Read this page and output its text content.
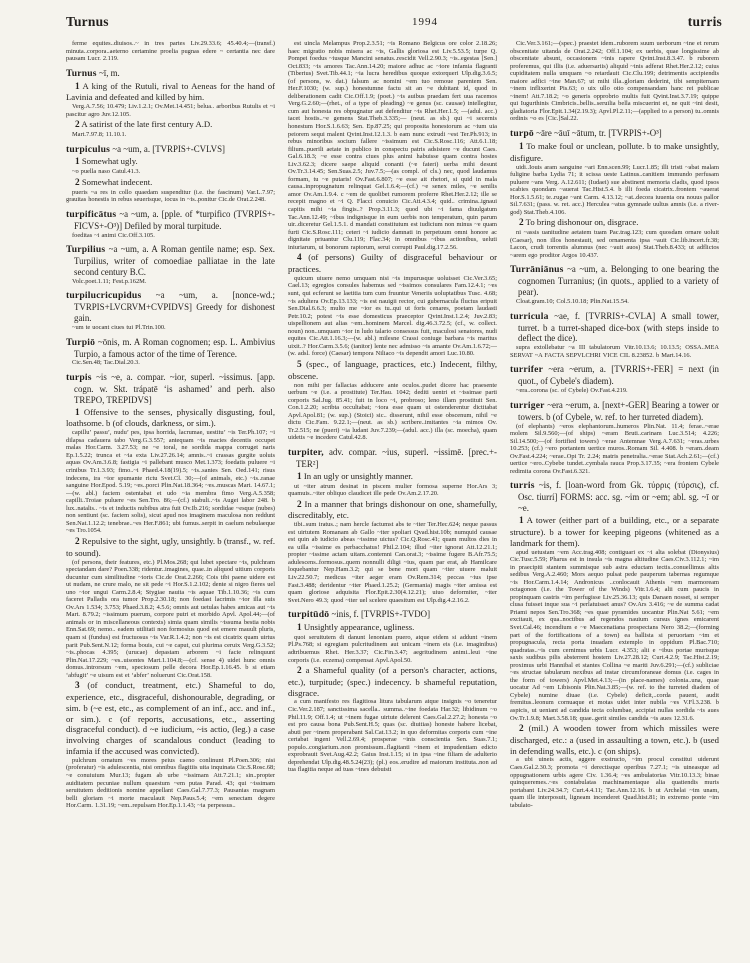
Turnus	1994	turris

ferme equites..diuisos..~ in tres partes Liv.29.33.6; 45.40.4;—(transf.) minuta..corpora..aeterno certamine proelia pugnas edere ~ certantia nec dare pausam Lucr. 2.119.

Turnus ~ī, m.

1 A king of the Rutuli, rival to Aeneas for the hand of Lavinia and defeated and killed by him.

Verg.A.7.56; 10.479; Liv.1.2.1; Ov.Met.14.451; belua.. arboribus Rutulis et ~i pascitur agro Juv.12.105.

2 A satirist of the late first century A.D.

Mart.7.97.8; 11.10.1.

turpiculus ~a ~um, a. [TVRPIS+-CVLVS]

1 Somewhat ugly.

~o puella naso Catul.41.3.

2 Somewhat indecent.

pueris ~a res in collo quaedam suspenditur (i.e. the fascinum) Var.L.7.97; grauitas honestis in rebus seuerisque, iocus in ~is..ponitur Cic.de Orat.2.248.

turpificātus ~a ~um, a. [pple. of *turpifico (TVRPIS+-FICVS+-O³)] Defiled by moral turpitude.

foeditas ~i animi Cic.Off.3.105.

Turpilius ~a ~um, a. A Roman gentile name; esp. Sex. Turpilius, writer of comoediae palliatae in the late second century B.C.

Volc.poet.1.11; Fest.p.162M.

turpilucricupidus ~a ~um, a. [nonce-wd.; TVRPIS+LVCRVM+CVPIDVS] Greedy for dishonest gain.

~um te uocant ciues tui Pl.Trin.100.

Turpiō ~ōnis, m. A Roman cognomen; esp. L. Ambivius Turpio, a famous actor of the time of Terence.

Cic.Sen.48; Tac.Dial.20.3.

turpis ~is ~e, a. compar. ~ior, superl. ~issimus. [app. cogn. w. Skt. trápatē ‘is ashamed’ and perh. also TREPO, TREPIDVS]

1 Offensive to the senses, physically disgusting, foul, loathsome. b (of clouds, darkness, or sim.).

capillu’ passu’, nudu’ pes, ipsa horrida, lacrumae, uestitu’ ~is Ter.Ph.107; ~i dilapsa cadauera tabo Verg.G.3.557; antequam ~is macies decentis occupet malas Hor.Carm. 3.27.53; ne ~e toral, ne sordida mappa corruget naris Ep.1.5.22; trunca et ~ia exta Liv.27.26.14; amnis..~i crassas gurgite uoluis aquas Ov.Am.3.6.8; fastigia ~i pallebant musco Met.1.373; foedatis puluere ~i crinibus Tr.1.3.93; fimo..~i Phaed.4.18(19).5; ~is..sanies Sen. Oed.141; risus indecens, ira ~ior spumante rictu Svet.Cl. 30;—(of animals, etc.) ~is..ranae sanguine Hor.Epod. 5.19; ~es..porci Plin.Nat.18.364; ~es..muscas Mart. 14.67.1;—(w. abl.) faciem ostentabat et udo ~ia membra fimo Verg.A.5.358; capilli..Troiae puluere ~es Sen.Tro. 86;—(cf.) stabuli..~is Augei labor 248. b lux..natalis.. ~is et inductis nubibus atra fuit Ov.Ib.216; sordidae ~esque (nubes) non sentiunt (sc. faciem solis), sicut apud nos imaginem maculosa non reddunt Sen.Nat.1.12.2; tenebrae..~es Her.F.861; ubi fumus..serpit in caelum nebulaeque ~es Tro.1054.

2 Repulsive to the sight, ugly, unsightly. b (transf., w. ref. to sound).

(of persons, their features, etc.) Pl.Mos.268; qui lubet spectare ~is, pulchram spectandam dare? Poen.338; ridentur..imagines, quae..in aliquod uitium corporis ducuntur cum similitudine ~ioris Cic.de Orat.2.266; Cois tibi paene uidere est ut nudam, ne crure malo, ne sit pede ~i Hor.S.1.2.102; dente si nigro fieres uel uno ~ior ungui Carm.2.8.4; Stygiae nauita ~is aquae Tib.1.10.36; ~is cum faceret Palladis ora tumor Prop.2.30.18; non foedast lacrimis ~ior illa suis Ov.Ars 1.534; 3.753; Phaed.3.8.2; 4.5.6; omnis aut uetulas habes amicas aut ~is Mart. 8.79.2; ~issimum puerum, corpore putri et morbido Apvl. Apol.44;—(of animals or in miscellaneous contexts) simia quam similis ~issuma bestia nobis Enn.Sat.69; nemo.. eadem utilitati non formosius quod est emere mauult pluris, quam si (fundus) est fructuosus ~is Var.R.1.4.2; non ~is est cicatrix quam uirtus parit Pub.Sent.N.12; forma bouis, cui ~e caput, cui plurima ceruix Verg.G.3.52; ~is..phocas 4.395; (urucae) depastam arborem ~i facie relinquunt Plin.Nat.17.229; ~es..uisontes Mart.1.104.8;—(cf. sense 4) uidet hunc omnis domus..introrsum ~em, speciosum pelle decora Hor.Ep.1.16.45. b si etiam ‘abfugit’ ~e uisum est et ‘abfer’ noluerunt Cic.Orat.158.

3 (of conduct, treatment, etc.) Shameful to do, experience, etc., disgraceful, dishonourable, degrading, or sim. b (~e est, etc., as complement of an inf., acc. and inf., or sim.). c (of reports, accusations, etc., asserting disgraceful conduct). d ~e iudicium, ~is actio, (leg.) a case involving charges of scandalous conduct (leading to infamia if the accused was convicted).

pulchrum ornatum ~es mores peius caeno conlinunt Pl.Poen.306; nisi (proferatur) ~is adulescentia, nisi omnibus flagitiis uita inquinata Cic.S.Rosc.68; ~e conuiuium Mur.13; fugam ab urbe ~issimam Att.7.21.1; sin..propter auiditatem pecuniae nullum quaestum ~em putas Parad. 43; qui ~issimam seruitutem deditionis nomine appellant Caes.Gal.7.77.3; Pausanias magnam belli gloriam ~i morte maculauit Nep.Paus.5.4; ~em senectam degere Hor.Carm. 1.31.19; ~em..repulsam Hor.Ep.1.1.43; ~ia perpessus..

est uincla Melampus Prop.2.3.51; ~is Romano Belgicus ore color 2.18.26; haec migratio nobis misera ac ~is, Gallis gloriosa est Liv.5.53.5; turpe Q. Pompei foedus ~iusque Mancini senatus..rescidit Vell.2.90.3; ~is..egestas [Sen.] Oct.833; ~is amores Tac.Ann.14.20; maiore adhuc ac ~iore infamia flagranti (Tiberius) Svet.Tib.44.1; ~ia lucra heredibus quoque extorqueri Ulp.dig.3.6.5; (of persons, w. dat.) falsum ac nomini ~em tuo remoue parentem Sen. Her.F.1030; (w. sup.) honestumne factu sit an ~e dubitant id, quod in deliberationem cadit Cic.Off.1.9; (poet.) ~is auibus praedam fert uua racemos Verg.G.2.60;—(rhet., of a type of pleading) ~e genus (sc. causae) intellegitur, cum aut honesta res obpugnatur aut defenditur ~is Rhet.Her.1.5; —(adul. acc.) iacet hostis..~e gemens Stat.Theb.3.335;— (neut. as sb.) qui ~i secernis honestum Hor.S.1.6.63; Sen. Ep.87.25; qui proposita honestorum ac ~ium uia peiorem sequi malent Qvint.Inst.12.1.3. b eam nunc extrudi ~est Ter.Ph.913; in rebus minoribus socium fallere ~issimum est Cic.S.Rosc.116; Att.6.1.18; filium..puerili aetate in publico in conspectu patris adsistere ~e ducunt Caes. Gal.6.18.3; ~e esse contra ciues plus animi habuisse quam contra hostes Liv.3.62.3; dicere saepe aliquid conanti (~e fateri) uerba mihi desunt Ov.Tr.3.14.45; Sen.Suas.2.5; Juv.7.5;—(as compl. of cls.) nec, quod laudamus formam, tu ~e putaris! Ov.Fast.6.807; ~e esse ait rhetori, si quid in mala causa..inpropugnatum relinquat Gel.1.6.4;—(cf.) ~e senex miles, ~e senilis amor Ov.Am.1.9.4. c ~em de quolibet rumorem proferre Rhet.Her.2.12; ille se recepit magno et ~i Q. Flacci conuicio Cic.Att.4.3.4; quid.. crimina..ignaui capitis mihi ~ia fingis..? Prop.3.11.3; quod ubi ~i fama diuulgatum Tac.Ann.12.49; ~ibus indignisque in eum uerbis non temperatum, quin parum uir..diceretur Gel.1.5.1. d mandati constitutum est iudicium non minus ~e quam furti Cic.S.Rosc.111; ceteri ~i iudicio damnati in perpetuum omni honore ac dignitate priuantur Clu.119; Flac.34; in omnibus ~ibus actionibus, ueluti iniuriarum, ui bonorum raptorum, serui corrupti Paul.dig.17.2.56.

4 (of persons) Guilty of disgraceful behaviour or practices.

quicum uiuere nemo umquam nisi ~is impurusque uoluisset Cic.Ver.3.65; Cael.13; egregios consules habemus sed ~issimos consulares Fam.12.4.1; ~es sunt, qui ecferunt se laetitia tum cum fruuntur Veneriis uoluptatibus Tusc. 4.68; ~is adultera Ov.Ep.13.133; ~is est nauigii rector, cui gubernacula fluctus eripuit Sen.Dial.6.6.3; multo me ~ior es tu..qui ut foris cenares, poetam laudasti Petr.10.2; potest ~is esse domesticus praeceptor Qvint.Inst.1.2.4; Juv.2.83; uispellionem aut alias ~em..hominem Marcel. dig.46.3.72.5; (cf., w. collect. noun) non..umquam ~ior in ludo talario consessus fuit, maculosi senatores, nudi equites Cic.Att.1.16.3;—(w. abl.) milesne Crassi coniuge barbara ~is maritus uixit..? Hor.Carm.3.5.6; (ianitor) lente nec admisso ~is amante Ov.Am.1.6.72;—(w. adsl. force) (Caesar) tempora Niliaco ~is dependit amori Luc.10.80.

5 (spec., of language, practices, etc.) Indecent, filthy, obscene.

non mihi per fallacias adducere ante oculos..pudet dicere hac praesente uerbum ~e (i.e. a prostitute) Ter.Hau. 1042; dediti uentri et ~issimae parti corporis Sal.Jug. 85.41; fuit in loco ~i, probroso; leno illam prostituit Sen. Con.1.2.20; scribta occultabat; ~iora esse quam ut ostenderentur dictitabat Apvl.Apol.81; (w. sup.) (Stoici) sic.. disserunt, nihil esse obscenum, nihil ~e dictu Cic.Fam. 9.22.1;—(neut. as sb.) scribere..imitantes ~ia mimos Ov. Tr.2.515; ne (pueri) ~ia ludant Juv.7.239;—(adul. acc.) illa (sc. moecha), quam uidetis ~e incedere Catul.42.8.

turpiter, adv. compar. ~ius, superl. ~issimē. [prec.+-TER²]

1 In an ugly or unsightly manner.

ut ~iter atrum desinat in piscem mulier formosa superne Hor.Ars 3; quamuis..~iter obliquo claudicet ille pede Ov.Am.2.17.20.

2 In a manner that brings dishonour on one, shamefully, discreditably, etc.

tibi..sum iratus..; nam hercle factumst abs te ~iter Ter.Hec.624; neque passus est uirtutem Romanam ab Gallo ~iter spoliari Qvad.hist.10b; numquid causae est quin ab iudicio abeas ~issime uictus? Cic.Q.Rosc.41; quam multos dies in ea uilla ~issime es perbacchatus! Phil.2.104; illud ~iter ignorat Att.12.21.1; propter ~issime actam uitam..contemni Can.orat.3; ~issime fugere B.Afr.75.5; adulescens..formosus..quem nonnulli diligi ~ius, quam par erat, ab Hamilcare loquebantur Nep.Ham.3.2; qui se bene mori quam ~iter uiuere maluit Liv.22.50.7; medicus ~iter aeger eram Ov.Rem.314; peccas ~ius ipse Fast.3.488; deridentur ~iter Phaed.1.25.2; (Germania) magis ~iter amissa est quam gloriose adquisita Flor.Epit.2.30(4.12.21); uiuo deformiter, ~iter Svet.Nero 49.3; quod ~iter uel scelere quaesitum est Ulp.dig.4.2.16.2.

turpitūdō ~inis, f. [TVRPIS+-TVDO]

1 Unsightly appearance, ugliness.

quoi seruitutem di danunt lenoniam puero, atque eidem si addunt ~inem Pl.Ps.768; si egregiam pulcritudinem aut unicam ~inem eis (i.e. imaginibus) adtribuemus Rhet. Her.3.37; Cic.Fin.3.47; aegritudinem animi..leui ~ine corporis (i.e. eczema) compensat Apvl.Apol.50.

2 a Shameful quality (of a person's character, actions, etc.), turpitude; (spec.) indecency. b shameful reputation, disgrace.

a cum manifesto res flagitiosa litura tabularum atque insignis ~o teneretur Cic.Ver.2.187; sanctissima sacella.. summa..~ine foedata Har.32; libidinum ~o Phil.11.9; Off.1.4; ut ~inem fugae uirtute delerent Caes.Gal.2.27.2; honesta ~o est pro causa bona Pub.Sent.H.5; quas (sc. diuitias) honeste habere licebat, abuti per ~inem properabant Sal.Cat.13.2; in quo deformitas corporis cum ~ine certabat ingeni Vell.2.69.4; prosperae ~inis conscientia Sen. Suas.7.1; populo..congiarium..non promissum..flagitanti ~inem et impudentiam edicto exprobrauit Svet.Aug.42.2; Gaius Inst.1.15; si in ipsa ~ine filiam de adulterio deprehendat Ulp.dig.48.5.24(23); (pl.) eos..erudire ad maiorum instituta..non ad tua flagitia neque ad tuas ~ines debuisti

Cic.Ver.3.161;—(spec.) praestet idem..ruborem suum uerborum ~ine et rerum obscenitate uitanda de Orat.2.242; Off.1.104; ex uerbis, quae longissime ab obscenitate absunt, occasionem ~inis rapere Qvint.Inst.8.3.47. b ruborem proferemus, qui illis (i.e. aduersariis) aliquid ~inis adferat Rhet.Her.2.12; cuius cupiditatem nulla umquam ~o retardauit Cic.Clu.199; detrimentis accipiendis maiore adfici ~ine Man.67; ut mihi illa..gloriam dederint, tibi sempiternam ~inem inflixerint Pis.63; o uix ullo otio compensandam hanc rei publicae ~inem! Att.7.18.2; ~o generis opprobrio multis fuit Qvint.Inst.3.7.19; quippe qui Iugurthinis Cimbricis..bellis..seruilia bella miscuerint et, ne quit ~ini desit, gladiatoria Flor.Epit.1.34(2.19.3); Apvl.Pl.2.11;—(applied to a person) tu..omnis ordinis ~o es [Cic.]Sal.22.

turpō ~āre ~āuī ~ātum, tr. [TVRPIS+-O³]

1 To make foul or unclean, pollute. b to make unsightly, disfigure.

uidi..Iouis aram sanguine ~ari Enn.scen.99; Lucr.1.85; illi tristi ~abat malam fuligine barba Lydia 71; it scissa ueste Latinus..canitiem immundo perfusam puluere ~ans Verg. A.12.611; (Iudaei) sue abstinent memoria cladis, quod ipsos scabies quondam ~auerat Tac.Hist.5.4. b illi foeda cicatrix..frontem ~auerat Hor.S.1.5.61; te..rugae ~ant Carm. 4.13.12; ~at..decora iuuenta ora nouus pallor Sil.7.631; (pass. w. ret. acc.) Herculea ~atus gymnade uultus amnis (i.e. a river-god) Stat.Theb.4.106.

2 To bring dishonour on, disgrace.

ni ~assis uanitudine aetatem tuam Pac.trag.123; cum quosdam ornare uoluit (Caesar), non illos honestauit, sed ornamenta ipsa ~auit Cic.lib.incert.fr.38; Lacon, crudi torrentis alumnus (nec ~auit auos) Stat.Theb.8.433; ut adflictos ~arem ego proditor Argos 10.437.

Turrāniānus ~a ~um, a. Belonging to one bearing the cognomen Turranius; (in quots., applied to a variety of pear).

Cloat.gram.10; Col.5.10.18; Plin.Nat.15.54.

turricula ~ae, f. [TVRRIS+-CVLA] A small tower, turret. b a turret-shaped dice-box (with steps inside to deflect the dice).

supra extollebatur ~a III tabulatorum Vitr.10.13.6; 10.13.5; OSSA..MEA SERVAT ~A FACTA SEPVLCHRI VICE CIL 8.23852. b Mart.14.16.

turrifer ~era ~erum, a. [TVRRIS+-FER] = next (in quot., of Cybele's diadem).

~era..corona (sc. of Cybele) Ov.Fast.4.219.

turriger ~era ~erum, a. [next+-GER] Bearing a tower or towers. b (of Cybele, w. ref. to her turreted diadem).

(of elephants) ~eros elephantorum..humeros Plin.Nat. 11.4; ferae..~erae molem Sil.9.560;—(of ships) ~eram Bruti..carinam Luc.3.514; 4.226; Sil.14.500;—(of fortified towers) ~erae Antemnae Verg.A.7.631; ~eras..urbes 10.253; (cf.) ~ero portantem uertice muros..Romam Sil. 4.408. b ~eram..deam Ov.Fast.4.224; ~erae..Opi Tr. 2.24; matris penetralia..~erae Stat.Ach.2.61;—(cf.) uertice ~ero..Cybebe tundet..cymbala rauca Prop.3.17.35; ~era frontem Cybele redimita corona Ov.Fast.6.321.

turris ~is, f. [loan-word from Gk. τύρρις (τύρσις), cf. Osc. tiurrí] FORMS: acc. sg. ~im or ~em; abl. sg. ~ī or ~e.

1 A tower (either part of a building, etc., or a separate structure). b a tower for keeping pigeons (whitened as a landmark for them).

apud uetustam ~em Acc.trag.408; contiguari ex ~i alta solebat (Dionysius) Cic.Tusc.5.59; Pharus est in insula ~is magna altitudine Caes.Civ.3.112.1; ~im in praecipiti stantem summisque sub astra eductam tectis..conuellimus altis sedibus Verg.A.2.460; Mors aequo pulsat pede pauperum tabernas regumque ~is Hor.Carm.1.4.14; Andronicus ..conlocauit Athenis ~em marmoream octagonon (i.e. the Tower of the Winds) Vitr.1.6.4; alii cum paucis in propinquam castris ~im perfugisse Liv.25.36.13; quis Danaen nosset, si semper clusa fuisset inque sua ~i perlatuisset anus? Ov.Ars 3.416; ~e de summa cadat Priami nepos Sen.Tro.368; ~es quae pyramides uocantur Plin.Nat 5.61; ~em excitauit, ex qua..noctibus ad regendos nauium cursus ignes emicarent Svet.Cal.46; incendium e ~e Maecenatiana prospectans Nero 38.2;—(forming part of the fortifications of a town) ea ballista si peruortam ~im et propugnacula, recta porta inuadam extemplo in oppidum Pl.Bac.710; quadratas..~is cum cernimus urbis Lucr. 4.353; alii e ~ibus portae murisque saxis sudibus pilis absterrent hostem Liv.27.28.12; Curt.4.2.9; Tac.Hist.2.19; proximus urbi Hannibal et stantes Collina ~e mariti Juv.6.291;—(cf.) subliciae ~es structae tabularum nexibus ad instar circumforaneae domus (i.e. cages in the form of towers) Apvl.Met.4.13;—(in place-names) colonia..una, quae uocatur Ad ~em Libisonis Plin.Nat.3.85;—(w. ref. to the turreted diadem of Cybele) numine diuae (i.e. Cybele) deficit,..corda pauent, audit fremitus..leonum cornuaque et motas uidet inter nubila ~es V.Fl.3.238. b aspicis, ut ueniant ad candida tecta columbae, accipiat nullas sordida ~is aues Ov.Tr.1.9.8; Mart.3.58.18; quae..gerit similes candida ~is aues 12.31.6.

2 (mil.) A wooden tower from which missiles were discharged, etc.: a (used in assaulting a town, etc.). b (used in defending walls, etc.). c (on ships).

a ubi uineis actis, aggere exstructo, ~im procul constitui uiderunt Caes.Gal.2.30.3; promota ~i derectisque operibus 7.27.1; ~is uineasque ad oppugnationem urbis agere Civ. 1.36.4; ~es ambulatorias Vitr.10.13.3; binae quinqueremes..~es contabulatas machinamentaque alia quatiendis muris portabant Liv.24.34.7; Curt.4.4.11; Tac.Ann.12.16. b ut Archelai ~im unam, quam ille interposuit, ligneam incenderet Quad.hist.81; in extremo ponte ~im tabulato-
